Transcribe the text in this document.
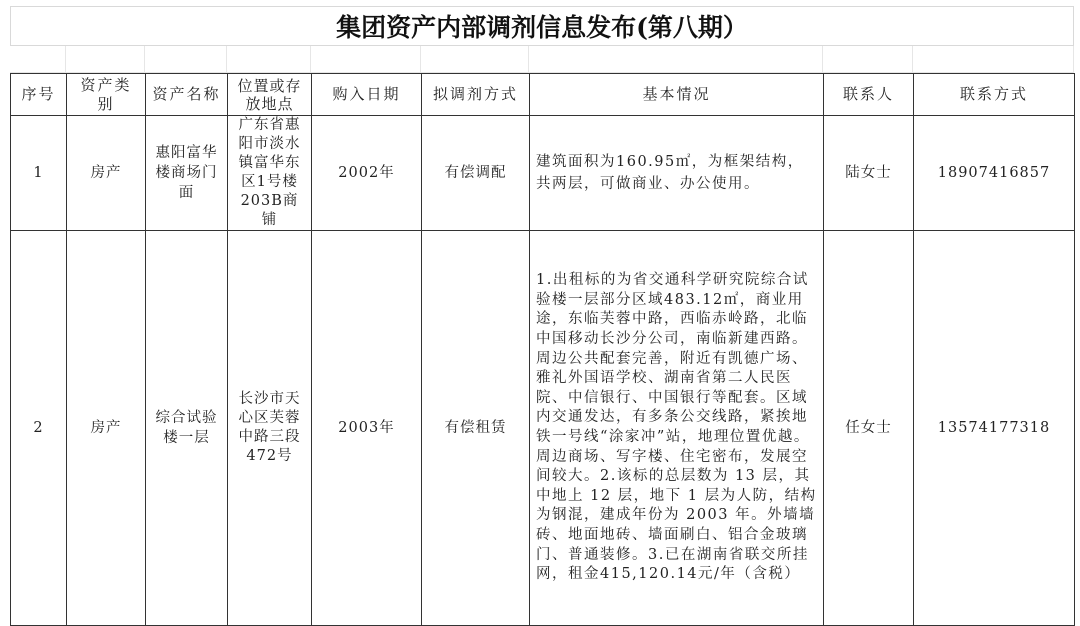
集团资产内部调剂信息发布(第八期）
序号	资产类别	资产名称	位置或存放地点	购入日期	拟调剂方式	基本情况	联系人	联系方式
1	房产	惠阳富华楼商场门面	广东省惠阳市淡水镇富华东区1号楼203B商铺	2002年	有偿调配	建筑面积为160.95㎡，为框架结构，共两层，可做商业、办公使用。	陆女士	18907416857
2	房产	综合试验楼一层	长沙市天心区芙蓉中路三段472号	2003年	有偿租赁	1.出租标的为省交通科学研究院综合试验楼一层部分区域483.12㎡，商业用途，东临芙蓉中路，西临赤岭路，北临中国移动长沙分公司，南临新建西路。周边公共配套完善，附近有凯德广场、雅礼外国语学校、湖南省第二人民医院、中信银行、中国银行等配套。区域内交通发达，有多条公交线路，紧挨地铁一号线“涂家冲”站，地理位置优越。周边商场、写字楼、住宅密布，发展空间较大。2.该标的总层数为 13 层，其中地上 12 层，地下 1 层为人防，结构为钢混，建成年份为 2003 年。外墙墙砖、地面地砖、墙面刷白、铝合金玻璃门、普通装修。3.已在湖南省联交所挂网，租金415,120.14元/年（含税）	任女士	13574177318
